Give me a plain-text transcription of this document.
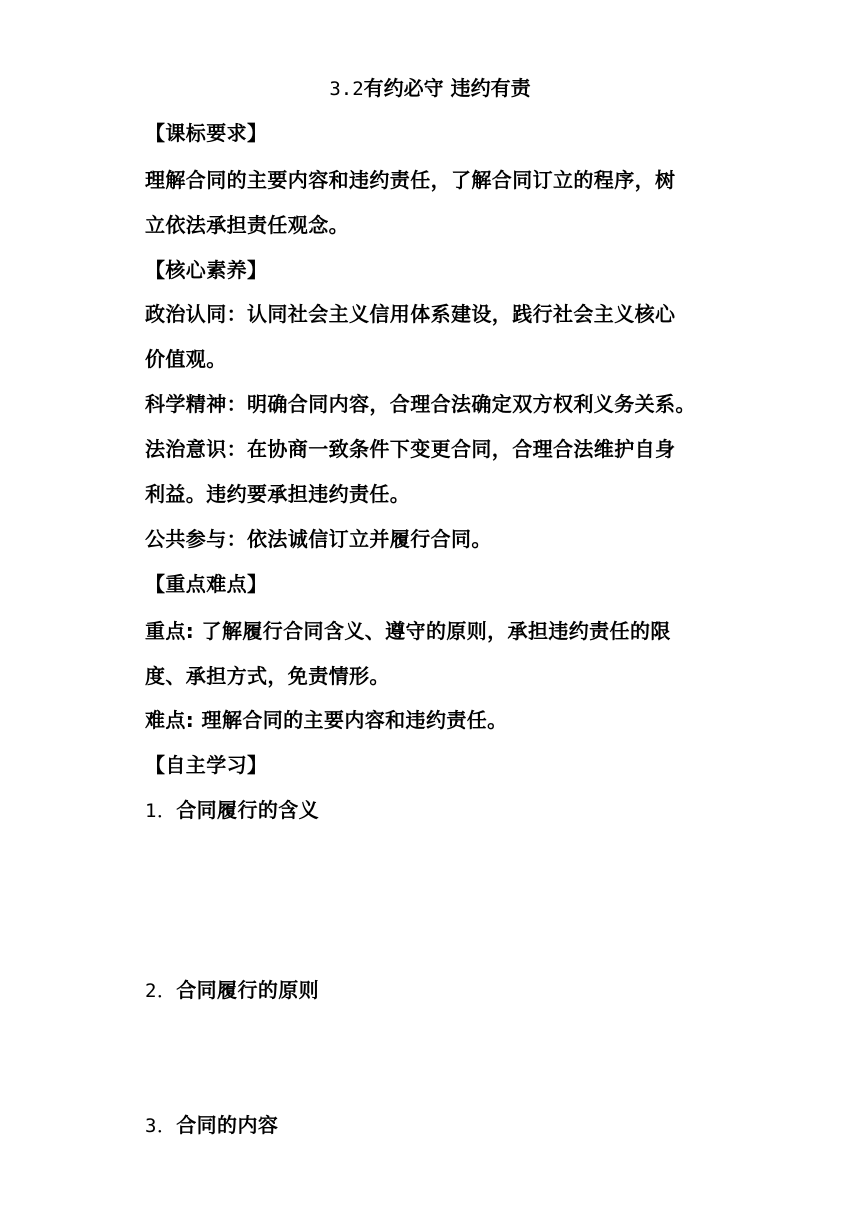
3.2有约必守 违约有责
【课标要求】
理解合同的主要内容和违约责任，了解合同订立的程序，树
立依法承担责任观念。
【核心素养】
政治认同：认同社会主义信用体系建设，践行社会主义核心
价值观。
科学精神：明确合同内容，合理合法确定双方权利义务关系。
法治意识：在协商一致条件下变更合同，合理合法维护自身
利益。违约要承担违约责任。
公共参与：依法诚信订立并履行合同。
【重点难点】
重点: 了解履行合同含义、遵守的原则，承担违约责任的限
度、承担方式，免责情形。
难点: 理解合同的主要内容和违约责任。
【自主学习】
1．合同履行的含义
2．合同履行的原则
3．合同的内容
